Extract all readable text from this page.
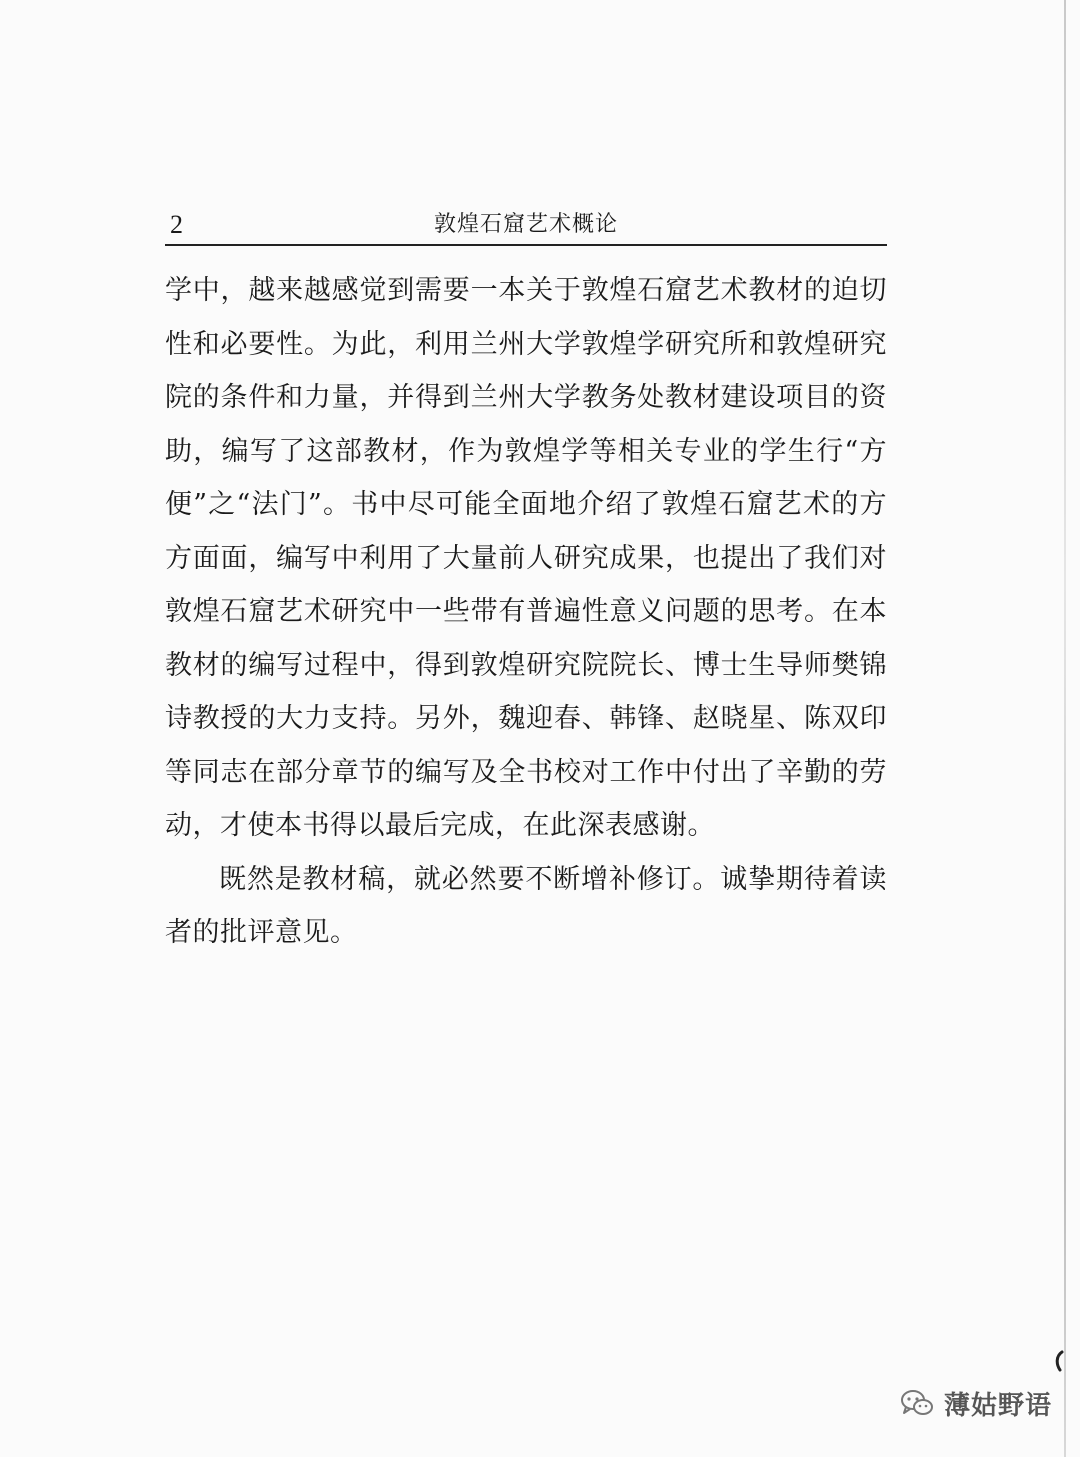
2	敦煌石窟艺术概论

学中，越来越感觉到需要一本关于敦煌石窟艺术教材的迫切性和必要性。为此，利用兰州大学敦煌学研究所和敦煌研究院的条件和力量，并得到兰州大学教务处教材建设项目的资助，编写了这部教材，作为敦煌学等相关专业的学生行“方便”之“法门”。书中尽可能全面地介绍了敦煌石窟艺术的方方面面，编写中利用了大量前人研究成果，也提出了我们对敦煌石窟艺术研究中一些带有普遍性意义问题的思考。在本教材的编写过程中，得到敦煌研究院院长、博士生导师樊锦诗教授的大力支持。另外，魏迎春、韩锋、赵晓星、陈双印等同志在部分章节的编写及全书校对工作中付出了辛勤的劳动，才使本书得以最后完成，在此深表感谢。

既然是教材稿，就必然要不断增补修订。诚挚期待着读者的批评意见。

薄姑野语
